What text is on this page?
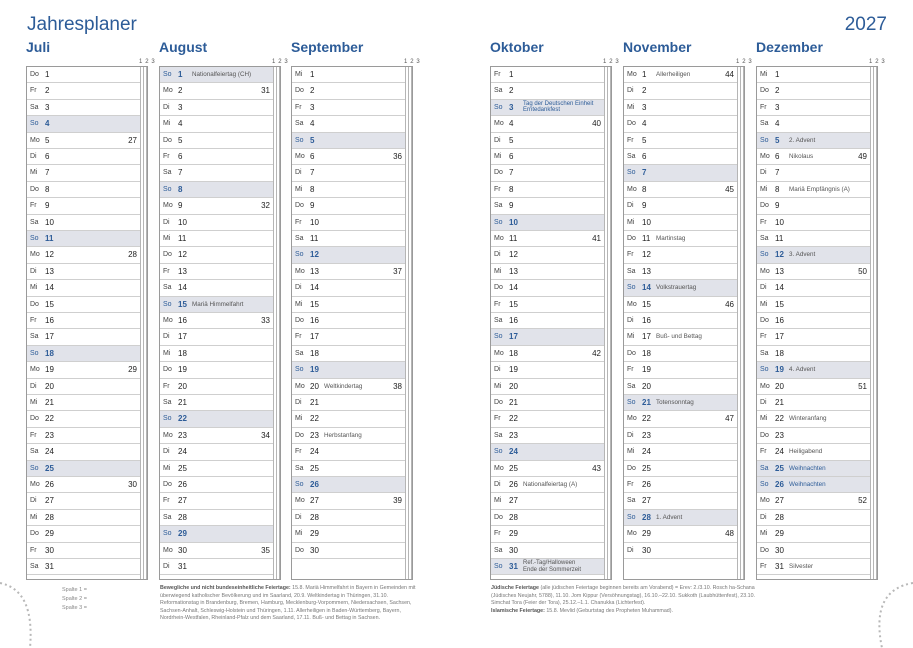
Jahresplaner	2027
Juli
1 2 3
Do 1
Fr 2
Sa 3
So 4
Mo 5	27
Di 6
Mi 7
Do 8
Fr 9
Sa 10
So 11
Mo 12	28
Di 13
Mi 14
Do 15
Fr 16
Sa 17
So 18
Mo 19	29
Di 20
Mi 21
Do 22
Fr 23
Sa 24
So 25
Mo 26	30
Di 27
Mi 28
Do 29
Fr 30
Sa 31
August
1 2 3
So 1 Nationalfeiertag (CH)
Mo 2	31
Di 3
Mi 4
Do 5
Fr 6
Sa 7
So 8
Mo 9	32
Di 10
Mi 11
Do 12
Fr 13
Sa 14
So 15 Mariä Himmelfahrt
Mo 16	33
Di 17
Mi 18
Do 19
Fr 20
Sa 21
So 22
Mo 23	34
Di 24
Mi 25
Do 26
Fr 27
Sa 28
So 29
Mo 30	35
Di 31
September
1 2 3
Mi 1
Do 2
Fr 3
Sa 4
So 5
Mo 6	36
Di 7
Mi 8
Do 9
Fr 10
Sa 11
So 12
Mo 13	37
Di 14
Mi 15
Do 16
Fr 17
Sa 18
So 19
Mo 20 Weltkindertag	38
Di 21
Mi 22
Do 23 Herbstanfang
Fr 24
Sa 25
So 26
Mo 27	39
Di 28
Mi 29
Do 30
Oktober
1 2 3
Fr 1
Sa 2
So 3 Tag der Deutschen Einheit
Erntedankfest
Mo 4	40
Di 5
Mi 6
Do 7
Fr 8
Sa 9
So 10
Mo 11	41
Di 12
Mi 13
Do 14
Fr 15
Sa 16
So 17
Mo 18	42
Di 19
Mi 20
Do 21
Fr 22
Sa 23
So 24
Mo 25	43
Di 26 Nationalfeiertag (A)
Mi 27
Do 28
Fr 29
Sa 30
So 31 Ref.-Tag/Halloween
Ende der Sommerzeit
November
1 2 3
Mo 1 Allerheiligen	44
Di 2
Mi 3
Do 4
Fr 5
Sa 6
So 7
Mo 8	45
Di 9
Mi 10
Do 11 Martinstag
Fr 12
Sa 13
So 14 Volkstrauertag
Mo 15	46
Di 16
Mi 17 Buß- und Bettag
Do 18
Fr 19
Sa 20
So 21 Totensonntag
Mo 22	47
Di 23
Mi 24
Do 25
Fr 26
Sa 27
So 28 1. Advent
Mo 29	48
Di 30
Dezember
1 2 3
Mi 1
Do 2
Fr 3
Sa 4
So 5 2. Advent
Mo 6 Nikolaus	49
Di 7
Mi 8 Mariä Empfängnis (A)
Do 9
Fr 10
Sa 11
So 12 3. Advent
Mo 13	50
Di 14
Mi 15
Do 16
Fr 17
Sa 18
So 19 4. Advent
Mo 20	51
Di 21
Mi 22 Winteranfang
Do 23
Fr 24 Heiligabend
Sa 25 Weihnachten
So 26 Weihnachten
Mo 27	52
Di 28
Mi 29
Do 30
Fr 31 Silvester
Spalte 1 =
Spalte 2 =
Spalte 3 =
Bewegliche und nicht bundeseinheitliche Feiertage: 15.8. Mariä Himmelfahrt in Bayern in Gemeinden mit überwiegend katholischer Bevölkerung und im Saarland, 20.9. Weltkindertag in Thüringen, 31.10. Reformationstag in Brandenburg, Bremen, Hamburg, Mecklenburg-Vorpommern, Niedersachsen, Sachsen, Sachsen-Anhalt, Schleswig-Holstein und Thüringen, 1.11. Allerheiligen in Baden-Württemberg, Bayern, Nordrhein-Westfalen, Rheinland-Pfalz und dem Saarland, 17.11. Buß- und Bettag in Sachsen.
Jüdische Feiertage (alle jüdischen Feiertage beginnen bereits am Vorabend) = Erev: 2./3.10. Rosch ha-Schana (Jüdisches Neujahr, 5788), 11.10. Jom Kippur (Versöhnungstag), 16.10.–22.10. Sukkoth (Laubhüttenfest), 23.10. Simchat Tora (Feier der Tora), 25.12.–1.1. Chanukka (Lichterfest).
Islamische Feiertage: 15.8. Mevlid (Geburtstag des Propheten Muhammad).
